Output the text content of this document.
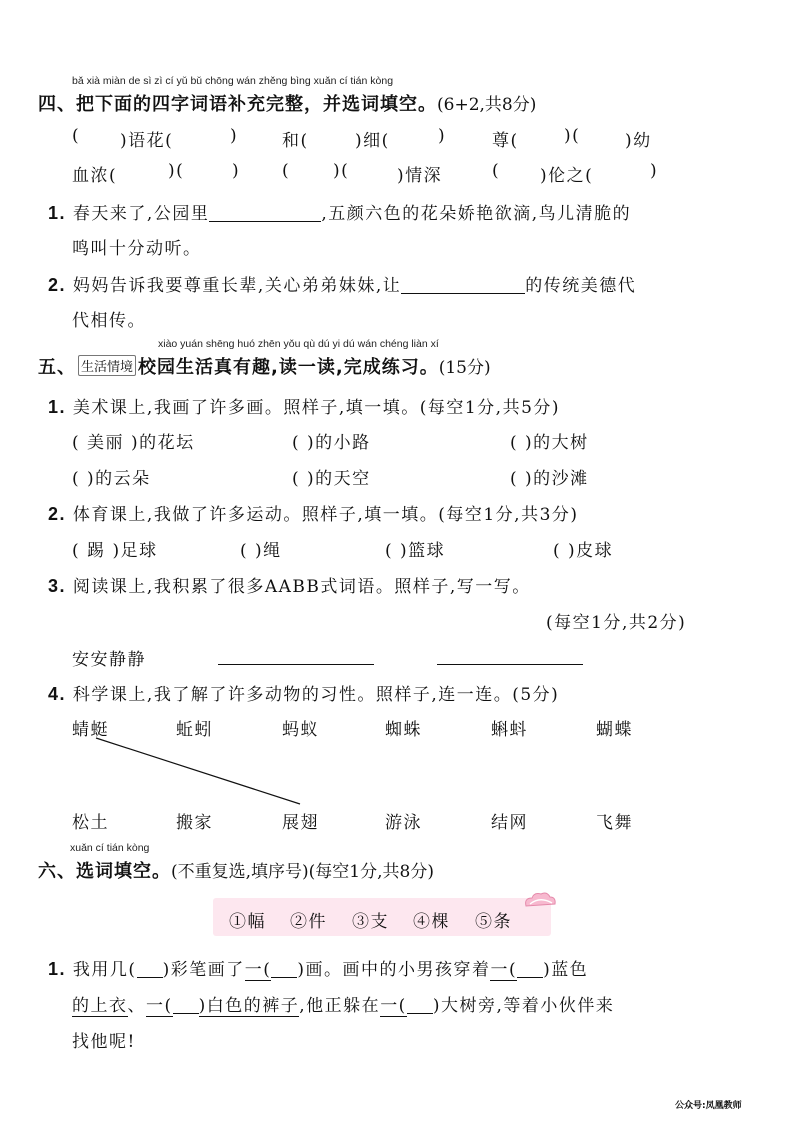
bǎ xià miàn de sì zì cí yǔ bǔ chōng wán zhěng bìng xuǎn cí tián kòng
四、把下面的四字词语补充完整，并选词填空。(6+2,共8分)
( )语花(	)	和(	)细(	)	尊(	)(	)幼
血浓(	)(	) (	)(	)情深	( )伦之(	)
1. 春天来了,公园里	,五颜六色的花朵娇艳欲滴,鸟儿清脆的
鸣叫十分动听。
2. 妈妈告诉我要尊重长辈,关心弟弟妹妹,让	的传统美德代
代相传。
xiào yuán shēng huó zhēn yǒu qù dú yi dú wán chéng liàn xí
五、 生活情境 校园生活真有趣,读一读,完成练习。(15分)
1. 美术课上,我画了许多画。照样子,填一填。(每空1分,共5分)
( 美丽 )的花坛	( )的小路	( )的大树
( )的云朵	( )的天空	( )的沙滩
2. 体育课上,我做了许多运动。照样子,填一填。(每空1分,共3分)
( 踢 )足球	( )绳	( )篮球	( )皮球
3. 阅读课上,我积累了很多AABB式词语。照样子,写一写。
(每空1分,共2分)
安安静静
4. 科学课上,我了解了许多动物的习性。照样子,连一连。(5分)
蜻蜓	蚯蚓	蚂蚁	蜘蛛	蝌蚪	蝴蝶
松土	搬家	展翅	游泳	结网	飞舞
xuǎn cí tián kòng
六、选词填空。(不重复选,填序号)(每空1分,共8分)
①幅 ②件 ③支 ④棵 ⑤条
1. 我用几( )彩笔画了一( )画。画中的小男孩穿着一( )蓝色
的上衣、一( )白色的裤子,他正躲在一( )大树旁,等着小伙伴来
找他呢!
公众号:凤凰教师
